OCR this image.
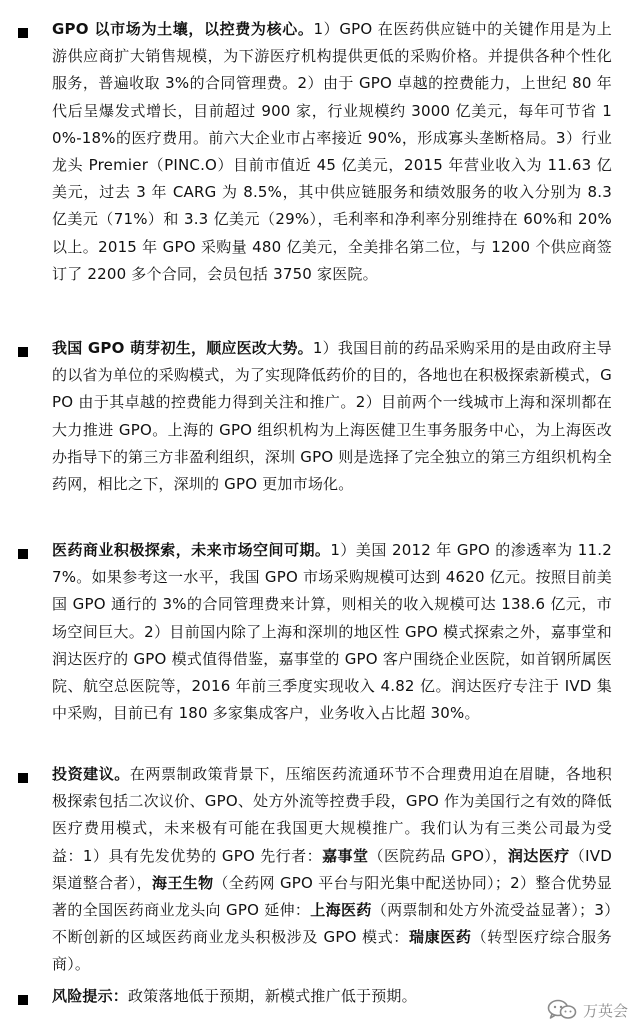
GPO 以市场为土壤，以控费为核心。1）GPO 在医药供应链中的关键作用是为上游供应商扩大销售规模，为下游医疗机构提供更低的采购价格。并提供各种个性化服务，普遍收取 3%的合同管理费。2）由于 GPO 卓越的控费能力，上世纪 80 年代后呈爆发式增长，目前超过 900 家，行业规模约 3000 亿美元，每年可节省 10%-18%的医疗费用。前六大企业市占率接近 90%，形成寡头垄断格局。3）行业龙头 Premier（PINC.O）目前市值近 45 亿美元，2015 年营业收入为 11.63 亿美元，过去 3 年 CARG 为 8.5%，其中供应链服务和绩效服务的收入分别为 8.3 亿美元（71%）和 3.3 亿美元（29%），毛利率和净利率分别维持在 60%和 20%以上。2015 年 GPO 采购量 480 亿美元，全美排名第二位，与 1200 个供应商签订了 2200 多个合同，会员包括 3750 家医院。

我国 GPO 萌芽初生，顺应医改大势。1）我国目前的药品采购采用的是由政府主导的以省为单位的采购模式，为了实现降低药价的目的，各地也在积极探索新模式，GPO 由于其卓越的控费能力得到关注和推广。2）目前两个一线城市上海和深圳都在大力推进 GPO。上海的 GPO 组织机构为上海医健卫生事务服务中心，为上海医改办指导下的第三方非盈利组织，深圳 GPO 则是选择了完全独立的第三方组织机构全药网，相比之下，深圳的 GPO 更加市场化。

医药商业积极探索，未来市场空间可期。1）美国 2012 年 GPO 的渗透率为 11.27%。如果参考这一水平，我国 GPO 市场采购规模可达到 4620 亿元。按照目前美国 GPO 通行的 3%的合同管理费来计算，则相关的收入规模可达 138.6 亿元，市场空间巨大。2）目前国内除了上海和深圳的地区性 GPO 模式探索之外，嘉事堂和润达医疗的 GPO 模式值得借鉴，嘉事堂的 GPO 客户围绕企业医院，如首钢所属医院、航空总医院等，2016 年前三季度实现收入 4.82 亿。润达医疗专注于 IVD 集中采购，目前已有 180 多家集成客户，业务收入占比超 30%。

投资建议。在两票制政策背景下，压缩医药流通环节不合理费用迫在眉睫，各地积极探索包括二次议价、GPO、处方外流等控费手段，GPO 作为美国行之有效的降低医疗费用模式，未来极有可能在我国更大规模推广。我们认为有三类公司最为受益：1）具有先发优势的 GPO 先行者：嘉事堂（医院药品 GPO），润达医疗（IVD 渠道整合者），海王生物（全药网 GPO 平台与阳光集中配送协同）；2）整合优势显著的全国医药商业龙头向 GPO 延伸：上海医药（两票制和处方外流受益显著）；3）不断创新的区域医药商业龙头积极涉及 GPO 模式：瑞康医药（转型医疗综合服务商）。

风险提示：政策落地低于预期，新模式推广低于预期。

万英会
